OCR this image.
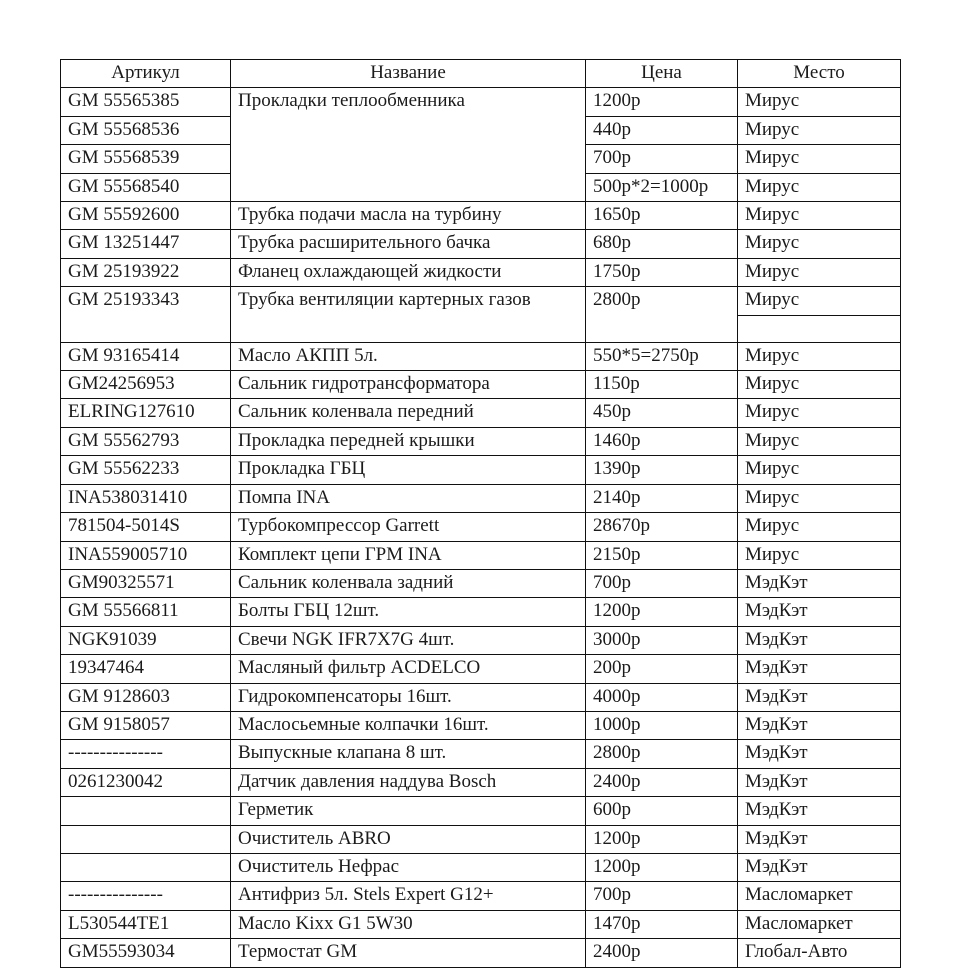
Артикул	Название	Цена	Место
GM 55565385	Прокладки теплообменника	1200р	Мирус
GM 55568536		440р	Мирус
GM 55568539		700р	Мирус
GM 55568540		500р*2=1000р	Мирус
GM 55592600	Трубка подачи масла на турбину	1650р	Мирус
GM 13251447	Трубка расширительного бачка	680р	Мирус
GM 25193922	Фланец охлаждающей жидкости	1750р	Мирус
GM 25193343	Трубка вентиляции картерных газов	2800р	Мирус

GM 93165414	Масло АКПП 5л.	550*5=2750р	Мирус
GM24256953	Сальник гидротрансформатора	1150р	Мирус
ELRING127610	Сальник коленвала передний	450р	Мирус
GM 55562793	Прокладка передней крышки	1460р	Мирус
GM 55562233	Прокладка ГБЦ	1390р	Мирус
INA538031410	Помпа INA	2140р	Мирус
781504-5014S	Турбокомпрессор Garrett	28670р	Мирус
INA559005710	Комплект цепи ГРМ INA	2150р	Мирус
GM90325571	Сальник коленвала задний	700р	МэдКэт
GM 55566811	Болты ГБЦ 12шт.	1200р	МэдКэт
NGK91039	Свечи NGK IFR7X7G 4шт.	3000р	МэдКэт
19347464	Масляный фильтр ACDELCO	200р	МэдКэт
GM 9128603	Гидрокомпенсаторы 16шт.	4000р	МэдКэт
GM 9158057	Маслосьемные колпачки 16шт.	1000р	МэдКэт
---------------	Выпускные клапана 8 шт.	2800р	МэдКэт
0261230042	Датчик давления наддува Bosch	2400р	МэдКэт
	Герметик	600р	МэдКэт
	Очиститель ABRO	1200р	МэдКэт
	Очиститель Нефрас	1200р	МэдКэт
---------------	Антифриз 5л. Stels Expert G12+	700р	Масломаркет
L530544TE1	Масло Kixx G1 5W30	1470р	Масломаркет
GM55593034	Термостат GM	2400р	Глобал-Авто
